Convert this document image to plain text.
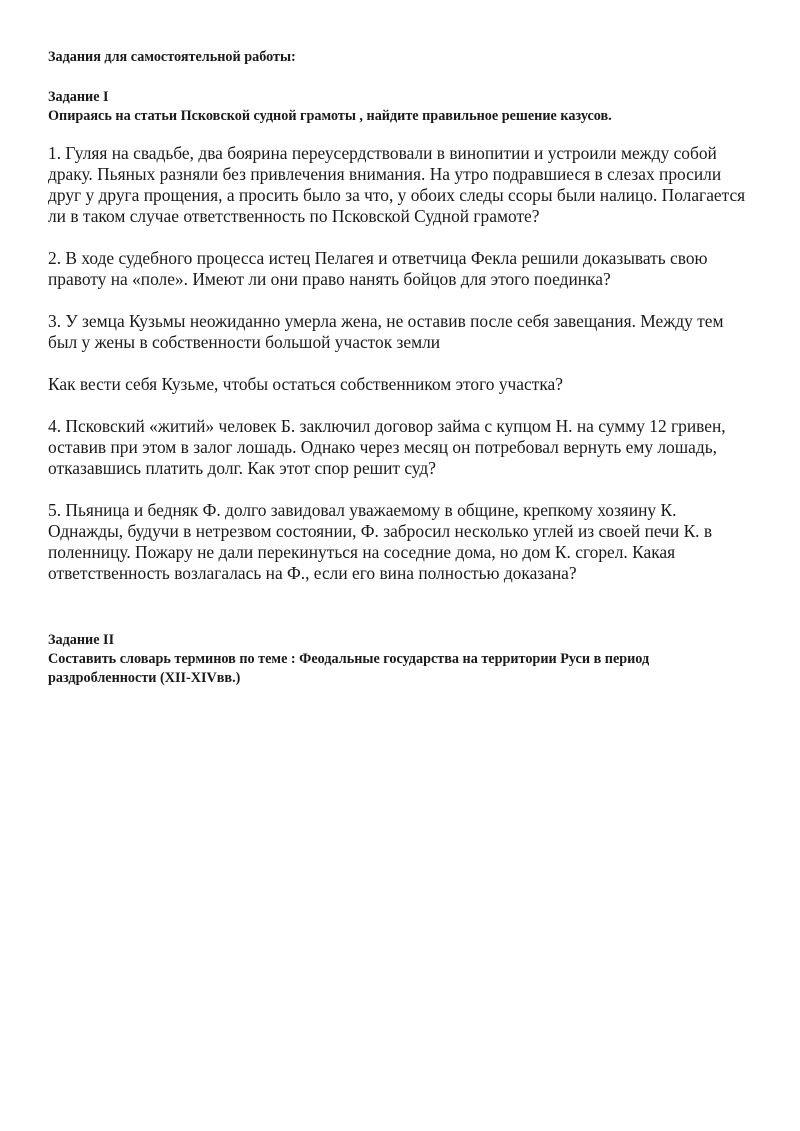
Задания для самостоятельной работы:

Задание I

Опираясь на статьи Псковской судной грамоты , найдите правильное решение казусов.

1. Гуляя на свадьбе, два боярина переусердствовали в винопитии и устроили между собой драку. Пьяных разняли без привлечения внимания. На утро подравшиеся в слезах просили друг у друга прощения, а просить было за что, у обоих следы ссоры были налицо. Полагается ли в таком случае ответственность по Псковской Судной грамоте?

2. В ходе судебного процесса истец Пелагея и ответчица Фекла решили доказывать свою правоту на «поле». Имеют ли они право нанять бойцов для этого поединка?

3. У земца Кузьмы неожиданно умерла жена, не оставив после себя завещания. Между тем был у жены в собственности большой участок земли

Как вести себя Кузьме, чтобы остаться собственником этого участка?

4. Псковский «житий» человек Б. заключил договор займа с купцом Н. на сумму 12 гривен, оставив при этом в залог лошадь. Однако через месяц он потребовал вернуть ему лошадь, отказавшись платить долг. Как этот спор решит суд?

5. Пьяница и бедняк Ф. долго завидовал уважаемому в общине, крепкому хозяину К. Однажды, будучи в нетрезвом состоянии, Ф. забросил несколько углей из своей печи К. в поленницу. Пожару не дали перекинуться на соседние дома, но дом К. сгорел. Какая ответственность возлагалась на Ф., если его вина полностью доказана?

Задание II

Составить словарь терминов по теме : Феодальные государства на территории Руси в период раздробленности (XII-XIVвв.)
